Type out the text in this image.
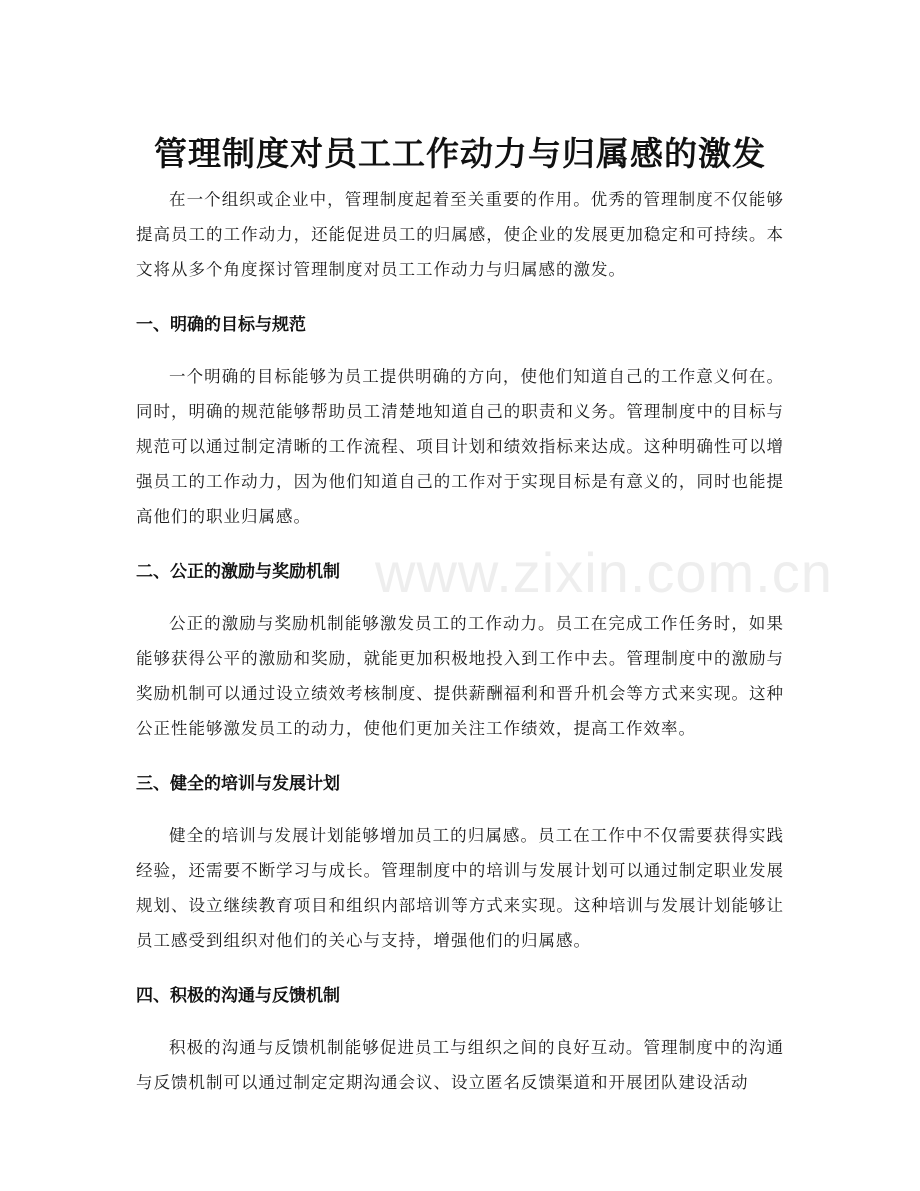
管理制度对员工工作动力与归属感的激发

在一个组织或企业中，管理制度起着至关重要的作用。优秀的管理制度不仅能够提高员工的工作动力，还能促进员工的归属感，使企业的发展更加稳定和可持续。本文将从多个角度探讨管理制度对员工工作动力与归属感的激发。

一、明确的目标与规范

一个明确的目标能够为员工提供明确的方向，使他们知道自己的工作意义何在。同时，明确的规范能够帮助员工清楚地知道自己的职责和义务。管理制度中的目标与规范可以通过制定清晰的工作流程、项目计划和绩效指标来达成。这种明确性可以增强员工的工作动力，因为他们知道自己的工作对于实现目标是有意义的，同时也能提高他们的职业归属感。

二、公正的激励与奖励机制

公正的激励与奖励机制能够激发员工的工作动力。员工在完成工作任务时，如果能够获得公平的激励和奖励，就能更加积极地投入到工作中去。管理制度中的激励与奖励机制可以通过设立绩效考核制度、提供薪酬福利和晋升机会等方式来实现。这种公正性能够激发员工的动力，使他们更加关注工作绩效，提高工作效率。

三、健全的培训与发展计划

健全的培训与发展计划能够增加员工的归属感。员工在工作中不仅需要获得实践经验，还需要不断学习与成长。管理制度中的培训与发展计划可以通过制定职业发展规划、设立继续教育项目和组织内部培训等方式来实现。这种培训与发展计划能够让员工感受到组织对他们的关心与支持，增强他们的归属感。

四、积极的沟通与反馈机制

积极的沟通与反馈机制能够促进员工与组织之间的良好互动。管理制度中的沟通与反馈机制可以通过制定定期沟通会议、设立匿名反馈渠道和开展团队建设活动

www.zixin.com.cn
